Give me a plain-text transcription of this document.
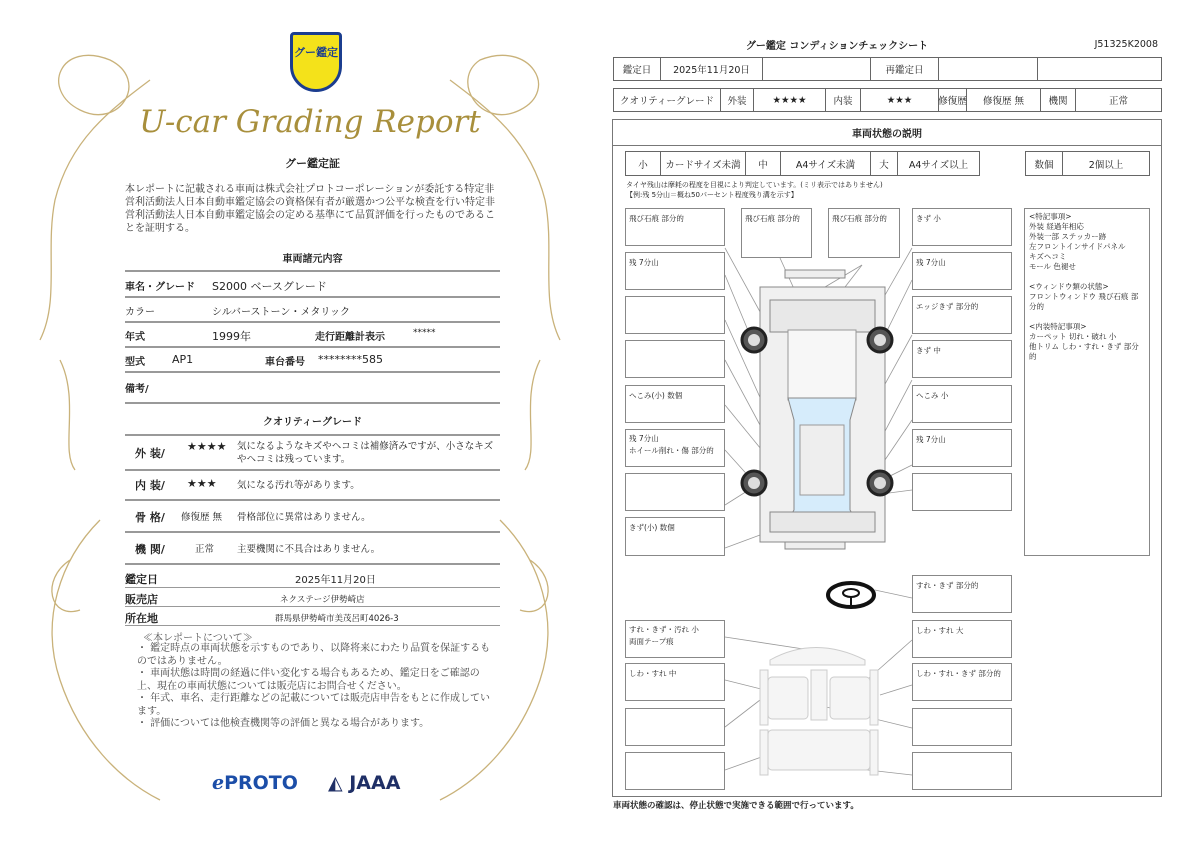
グー鑑定
U-car Grading Report
グー鑑定証
本レポートに記載される車両は株式会社プロトコーポレーションが委託する特定非営利活動法人日本自動車鑑定協会の資格保有者が厳選かつ公平な検査を行い特定非営利活動法人日本自動車鑑定協会の定める基準にて品質評価を行ったものであることを証明する。
車両諸元内容
車名・グレード S2000 ベースグレード
カラー	シルバーストーン・メタリック
年式	1999年	走行距離計表示	*****
型式 AP1	車台番号 ********585
備考/
クオリティーグレード
外 装/
★★★★ 気になるようなキズやヘコミは補修済みですが、小さなキズやヘコミは残っています。
内 装/ ★★★ 気になる汚れ等があります。
骨 格/ 修復歴 無 骨格部位に異常はありません。
機 関/	正常 主要機関に不具合はありません。
鑑定日	2025年11月20日
販売店	ネクステージ伊勢崎店
所在地	群馬県伊勢崎市美茂呂町4026-3
≪本レポートについて≫
・ 鑑定時点の車両状態を示すものであり、以降将来にわたり品質を保証するものではありません。
・ 車両状態は時間の経過に伴い変化する場合もあるため、鑑定日をご確認の上、現在の車両状態については販売店にお問合せください。
・ 年式、車名、走行距離などの記載については販売店申告をもとに作成しています。
・ 評価については他検査機関等の評価と異なる場合があります。
ℯPROTO ◭ JAAA
グー鑑定 コンディションチェックシート	J51325K2008
鑑定日	2025年11月20日	再鑑定日
クオリティーグレード	外装	★★★★	内装	★★★	修復歴	修復歴 無	機関	正常
車両状態の説明
小	カードサイズ未満	中	A4サイズ未満	大	A4サイズ以上	数個	2個以上
タイヤ残山は摩耗の程度を目視により判定しています。(ミリ表示ではありません)
【例:残 5分山＝概ね50パーセント程度残り溝を示す】
飛び石痕 部分的
残 7分山
へこみ(小) 数個
残 7分山
ホイール削れ・傷 部分的
きず(小) 数個
飛び石痕 部分的	飛び石痕 部分的	きず 小
残 7分山
エッジきず 部分的
きず 中
へこみ 小
残 7分山
<特記事項>
外装 経過年相応
外装一部 ステッカー跡
左フロントインサイドパネル
キズヘコミ
モール 色褪せ
<ウィンドウ類の状態>
フロントウィンドウ 飛び石痕 部分的
<内装特記事項>
カーペット 切れ・破れ 小
他トリム しわ・すれ・きず 部分的
すれ・きず 部分的
しわ・すれ 大
しわ・すれ・きず 部分的
すれ・きず・汚れ 小
両面テープ痕
しわ・すれ 中
車両状態の確認は、停止状態で実施できる範囲で行っています。
